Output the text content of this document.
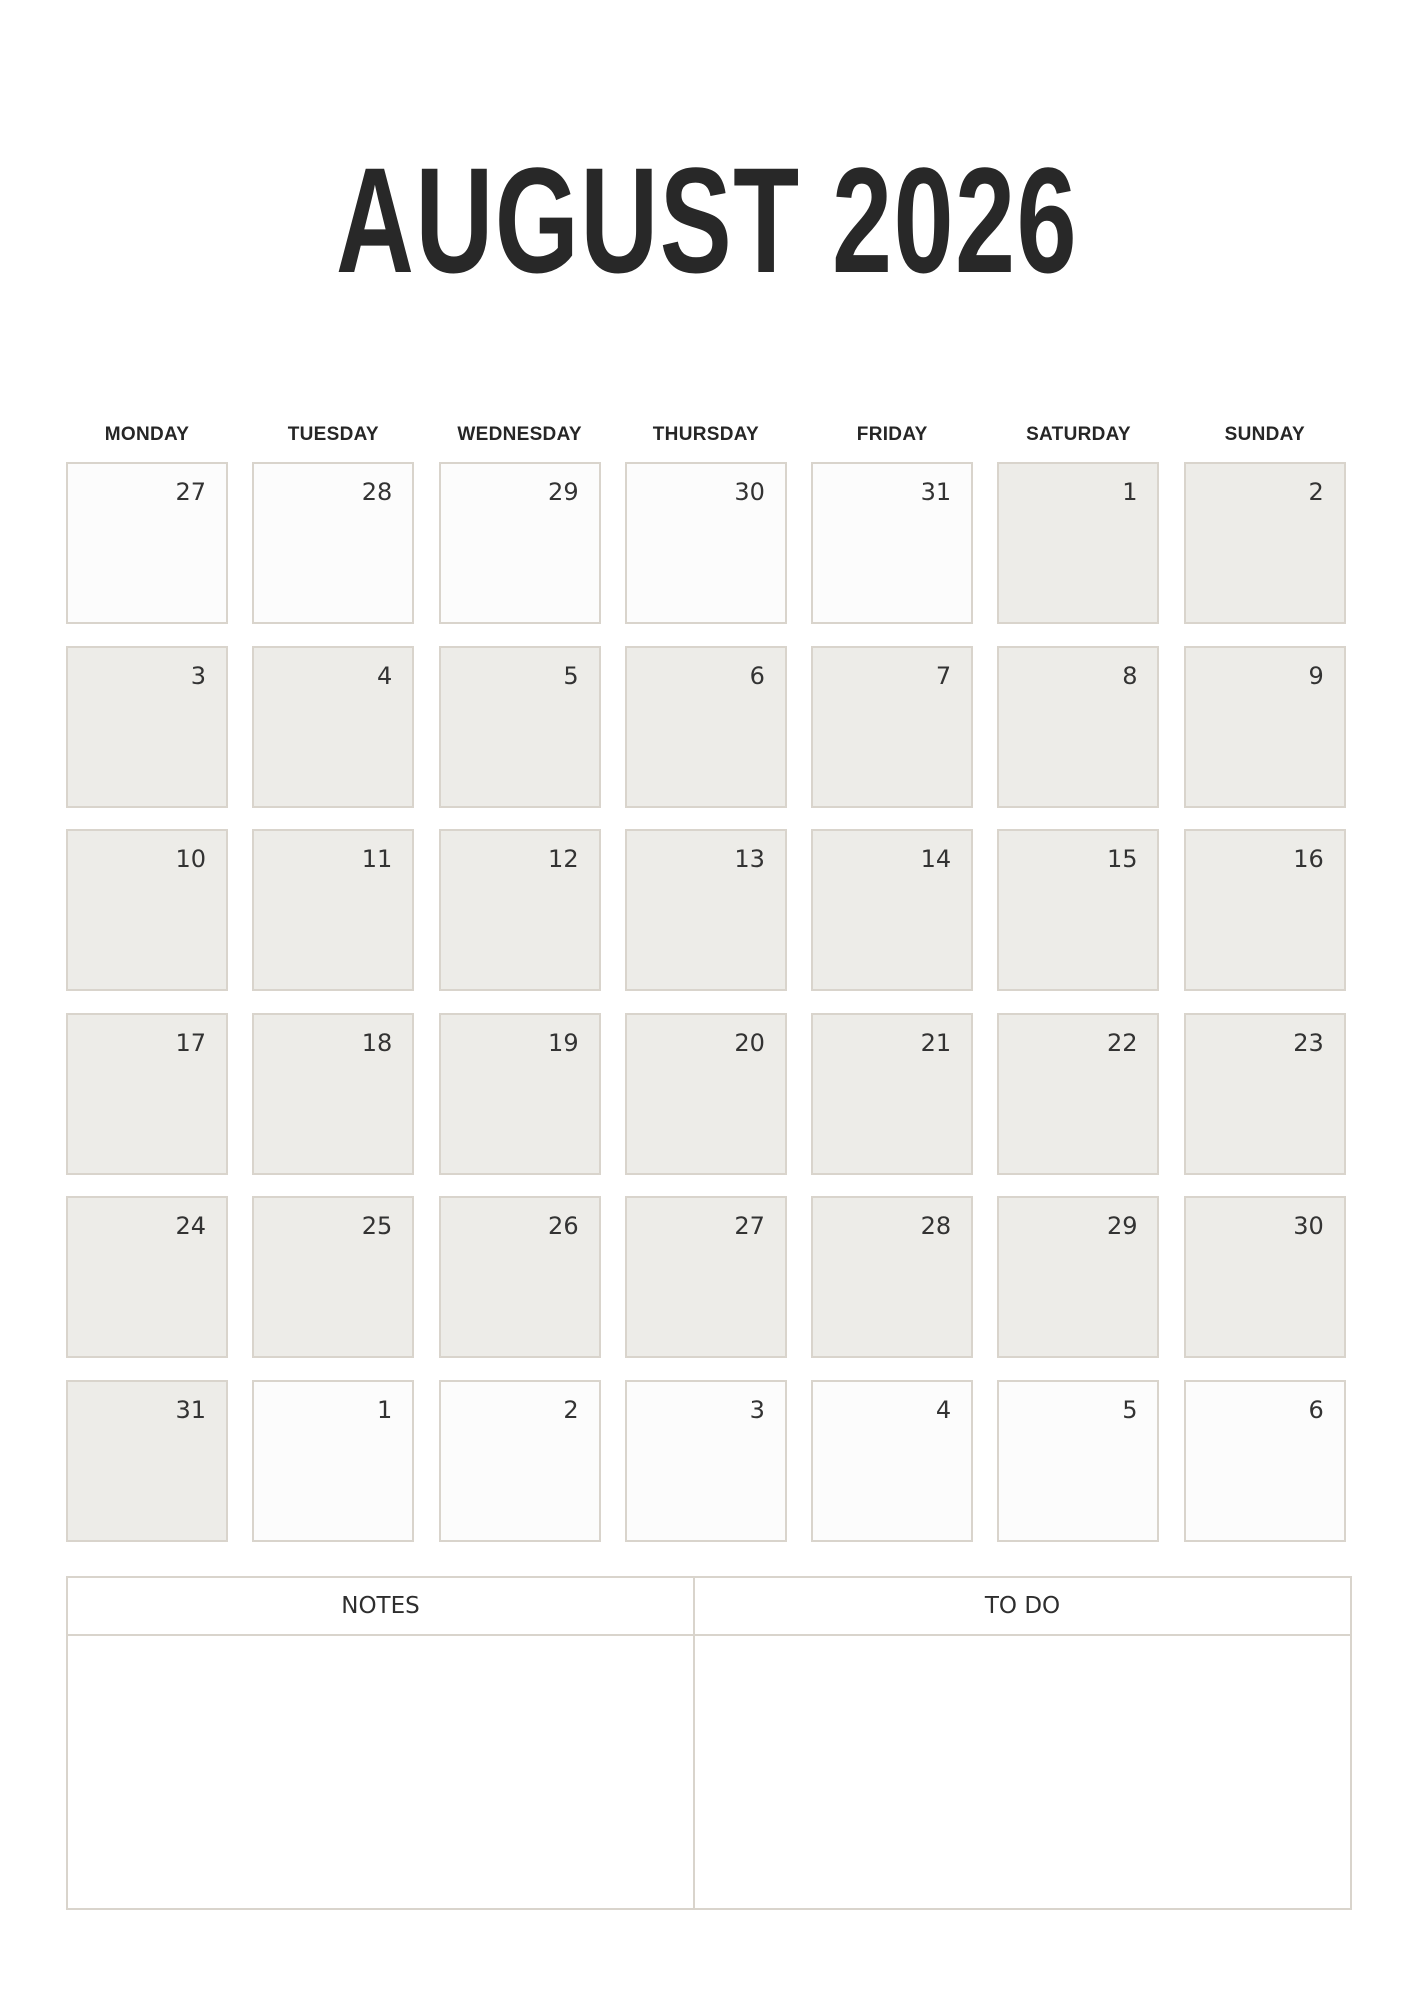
AUGUST 2026
MONDAY	TUESDAY	WEDNESDAY	THURSDAY	FRIDAY	SATURDAY	SUNDAY
27	28	29	30	31	1	2
3	4	5	6	7	8	9
10	11	12	13	14	15	16
17	18	19	20	21	22	23
24	25	26	27	28	29	30
31	1	2	3	4	5	6
NOTES	TO DO
